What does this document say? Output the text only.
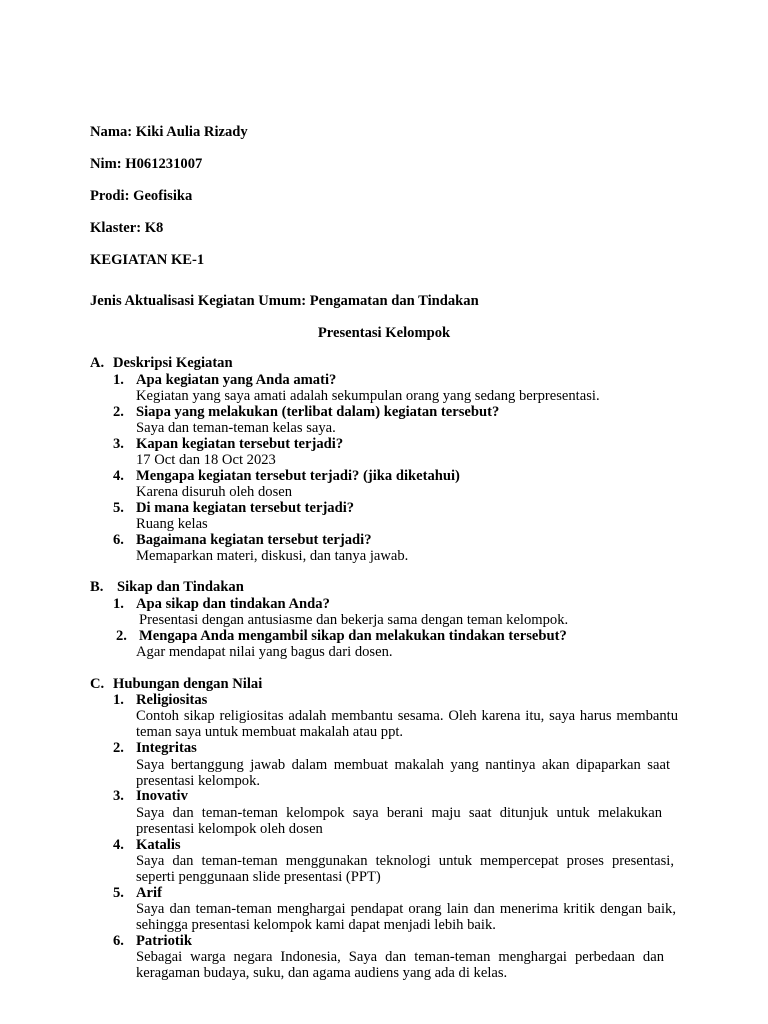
Nama: Kiki Aulia Rizady
Nim: H061231007
Prodi: Geofisika
Klaster: K8
KEGIATAN KE-1
Jenis Aktualisasi Kegiatan Umum: Pengamatan dan Tindakan
Presentasi Kelompok
A. Deskripsi Kegiatan
1. Apa kegiatan yang Anda amati?
Kegiatan yang saya amati adalah sekumpulan orang yang sedang berpresentasi.
2. Siapa yang melakukan (terlibat dalam) kegiatan tersebut?
Saya dan teman-teman kelas saya.
3. Kapan kegiatan tersebut terjadi?
17 Oct dan 18 Oct 2023
4. Mengapa kegiatan tersebut terjadi? (jika diketahui)
Karena disuruh oleh dosen
5. Di mana kegiatan tersebut terjadi?
Ruang kelas
6. Bagaimana kegiatan tersebut terjadi?
Memaparkan materi, diskusi, dan tanya jawab.
B. Sikap dan Tindakan
1. Apa sikap dan tindakan Anda?
Presentasi dengan antusiasme dan bekerja sama dengan teman kelompok.
2. Mengapa Anda mengambil sikap dan melakukan tindakan tersebut?
Agar mendapat nilai yang bagus dari dosen.
C. Hubungan dengan Nilai
1. Religiositas
Contoh sikap religiositas adalah membantu sesama. Oleh karena itu, saya harus membantu teman saya untuk membuat makalah atau ppt.
2. Integritas
Saya bertanggung jawab dalam membuat makalah yang nantinya akan dipaparkan saat presentasi kelompok.
3. Inovativ
Saya dan teman-teman kelompok saya berani maju saat ditunjuk untuk melakukan presentasi kelompok oleh dosen
4. Katalis
Saya dan teman-teman menggunakan teknologi untuk mempercepat proses presentasi, seperti penggunaan slide presentasi (PPT)
5. Arif
Saya dan teman-teman menghargai pendapat orang lain dan menerima kritik dengan baik, sehingga presentasi kelompok kami dapat menjadi lebih baik.
6. Patriotik
Sebagai warga negara Indonesia, Saya dan teman-teman menghargai perbedaan dan keragaman budaya, suku, dan agama audiens yang ada di kelas.
